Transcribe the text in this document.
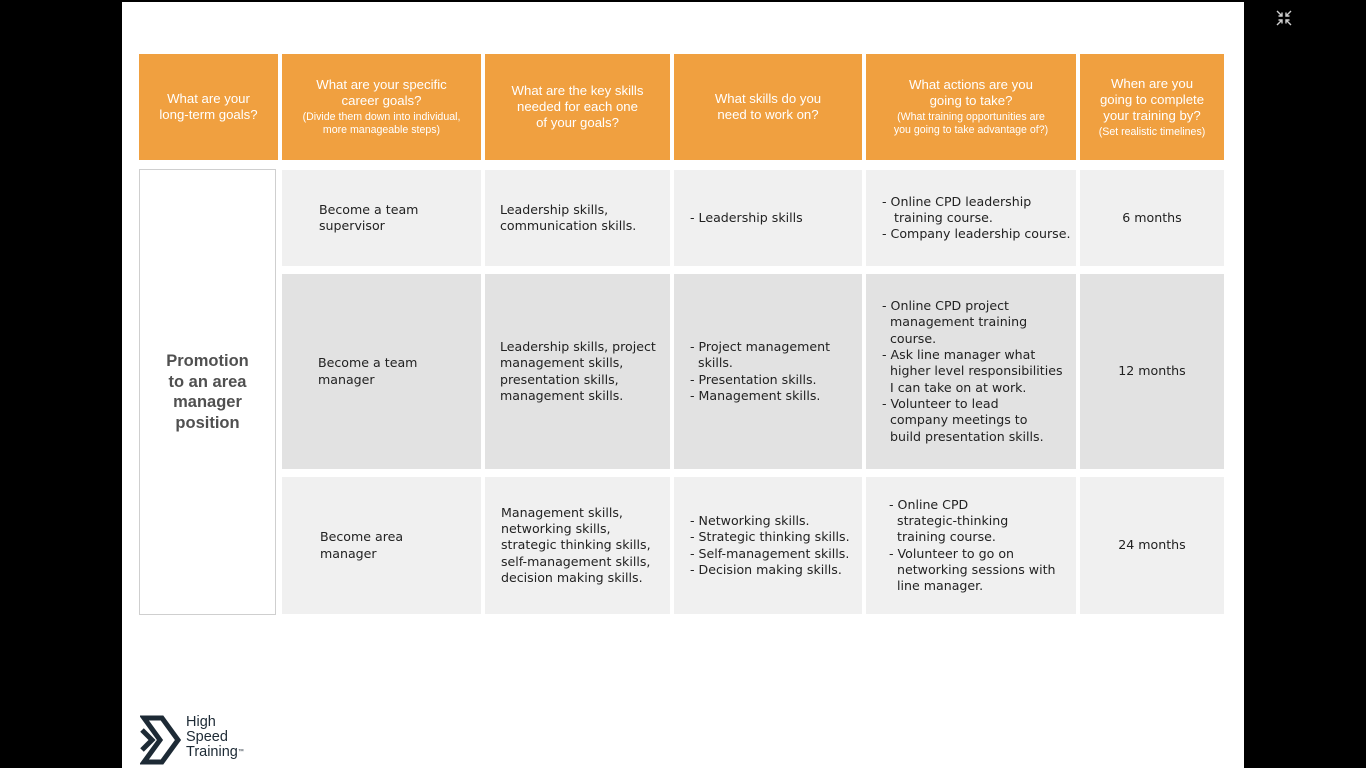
What are your
long-term goals?
What are your specific
career goals?
(Divide them down into individual,
more manageable steps)
What are the key skills
needed for each one
of your goals?
What skills do you
need to work on?
What actions are you
going to take?
(What training opportunities are
you going to take advantage of?)
When are you
going to complete
your training by?
(Set realistic timelines)
Promotion
to an area
manager
position
Become a team
supervisor
Leadership skills,
communication skills.
- Leadership skills
- Online CPD leadership
training course.
- Company leadership course.
6 months
Become a team
manager
Leadership skills, project
management skills,
presentation skills,
management skills.
- Project management
skills.
- Presentation skills.
- Management skills.
- Online CPD project
management training
course.
- Ask line manager what
higher level responsibilities
I can take on at work.
- Volunteer to lead
company meetings to
build presentation skills.
12 months
Become area
manager
Management skills,
networking skills,
strategic thinking skills,
self-management skills,
decision making skills.
- Networking skills.
- Strategic thinking skills.
- Self-management skills.
- Decision making skills.
- Online CPD
strategic-thinking
training course.
- Volunteer to go on
networking sessions with
line manager.
24 months
High
Speed
Training™
